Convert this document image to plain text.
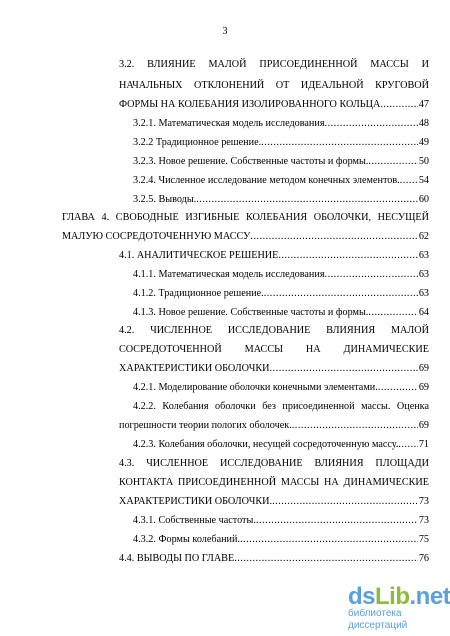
3
3.2. ВЛИЯНИЕ МАЛОЙ ПРИСОЕДИНЕННОЙ МАССЫ И
НАЧАЛЬНЫХ ОТКЛОНЕНИЙ ОТ ИДЕАЛЬНОЙ КРУГОВОЙ
ФОРМЫ НА КОЛЕБАНИЯ ИЗОЛИРОВАННОГО КОЛЬЦА .....	47
3.2.1. Математическая модель исследования .....	48
3.2.2 Традиционное решение. .....	49
3.2.3. Новое решение. Собственные частоты и формы. .....	50
3.2.4. Численное исследование методом конечных элементов. ..... 54
3.2.5. Выводы. .....	60
ГЛАВА 4. СВОБОДНЫЕ ИЗГИБНЫЕ КОЛЕБАНИЯ ОБОЛОЧКИ, НЕСУЩЕЙ
МАЛУЮ СОСРЕДОТОЧЕННУЮ МАССУ .....	62
4.1. АНАЛИТИЧЕСКОЕ РЕШЕНИЕ .....	63
4.1.1. Математическая модель исследования .....	63
4.1.2. Традиционное решение. .....	63
4.1.3. Новое решение. Собственные частоты и формы. .....	64
4.2. ЧИСЛЕННОЕ ИССЛЕДОВАНИЕ ВЛИЯНИЯ МАЛОЙ
СОСРЕДОТОЧЕННОЙ МАССЫ НА ДИНАМИЧЕСКИЕ
ХАРАКТЕРИСТИКИ ОБОЛОЧКИ .....	69
4.2.1. Моделирование оболочки конечными элементами. .....	69
4.2.2. Колебания оболочки без присоединенной массы. Оценка
погрешности теории пологих оболочек. .....	69
4.2.3. Колебания оболочки, несущей сосредоточенную массу. ..... 71
4.3. ЧИСЛЕННОЕ ИССЛЕДОВАНИЕ ВЛИЯНИЯ ПЛОЩАДИ
КОНТАКТА ПРИСОЕДИНЕННОЙ МАССЫ НА ДИНАМИЧЕСКИЕ
ХАРАКТЕРИСТИКИ ОБОЛОЧКИ. .....	73
4.3.1. Собственные частоты. .....	73
4.3.2. Формы колебаний. .....	75
4.4. ВЫВОДЫ ПО ГЛАВЕ .....	76
dsLib.net
библиотека диссертаций
